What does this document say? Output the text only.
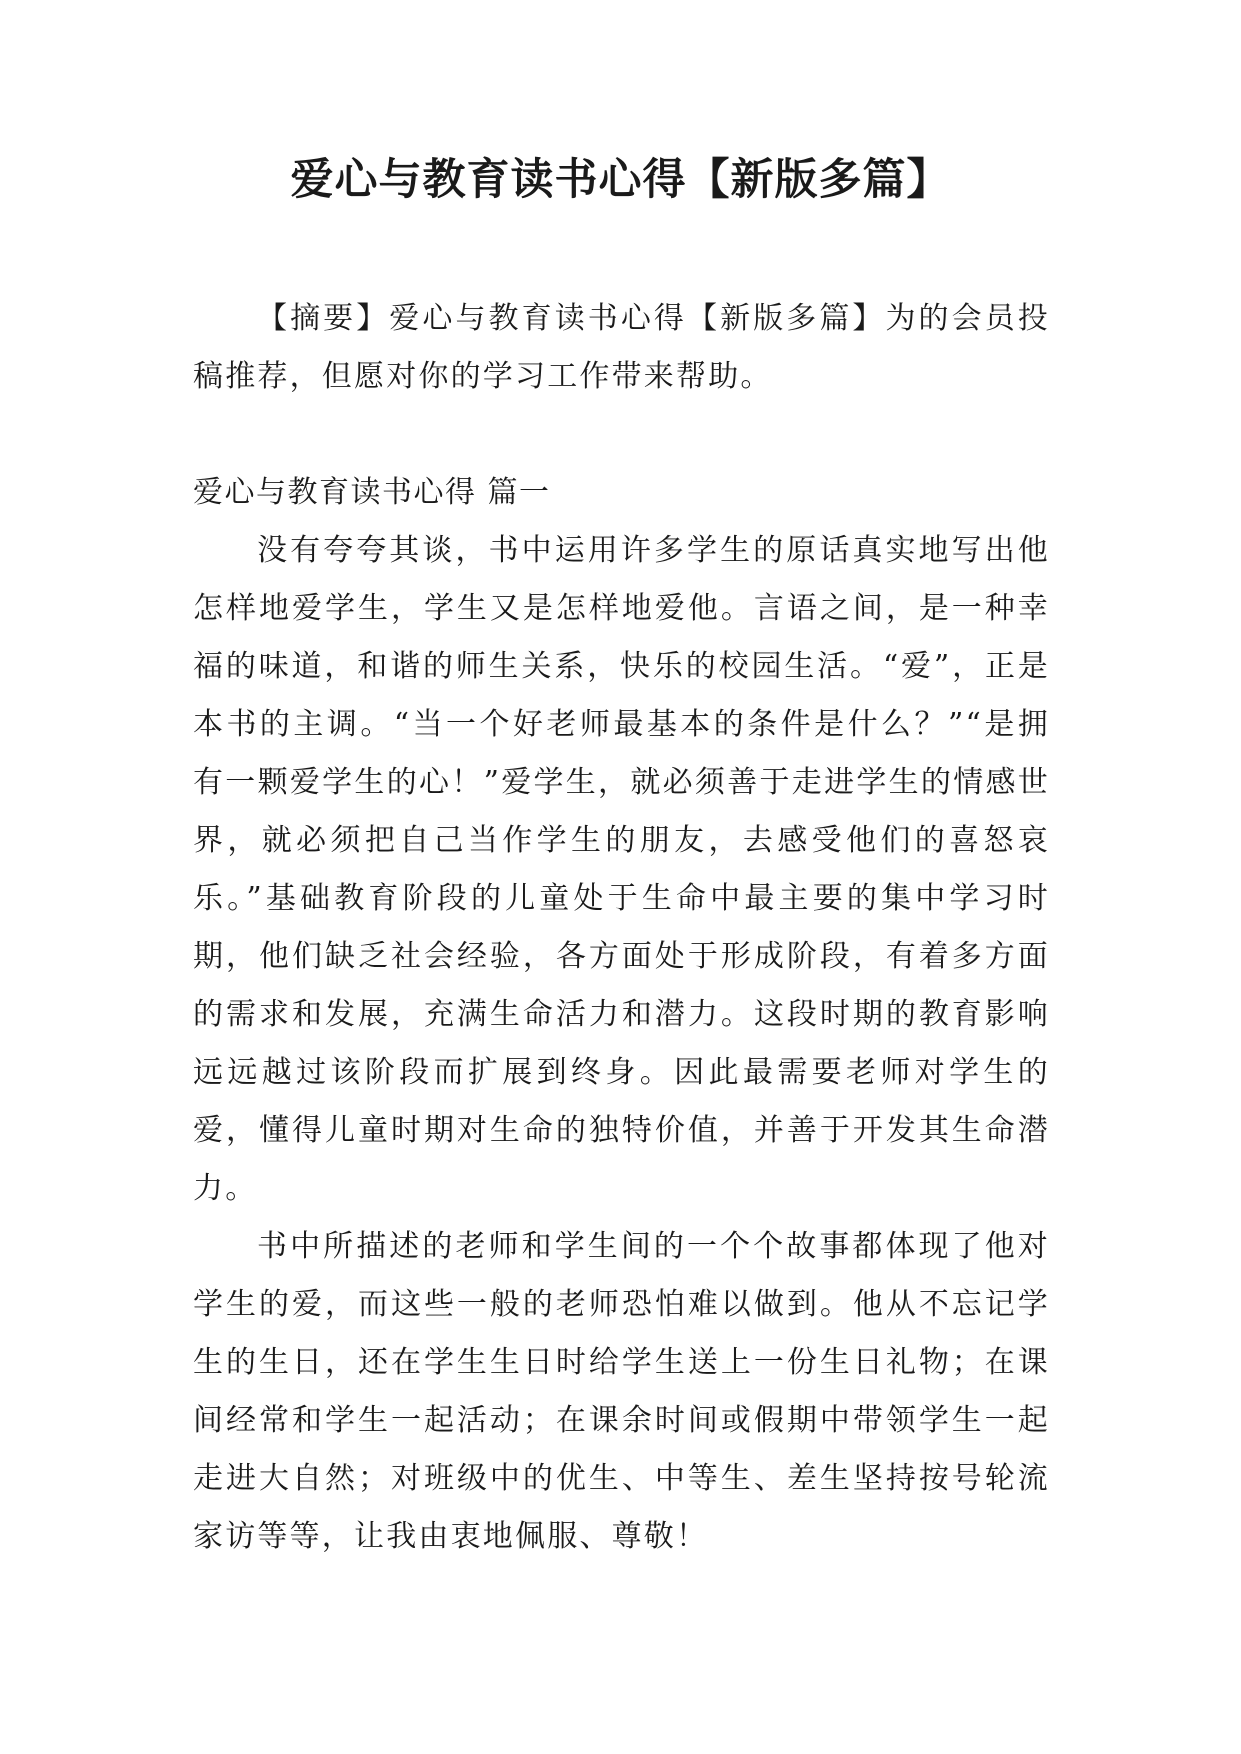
爱心与教育读书心得【新版多篇】

【摘要】爱心与教育读书心得【新版多篇】为的会员投稿推荐，但愿对你的学习工作带来帮助。

爱心与教育读书心得 篇一

没有夸夸其谈，书中运用许多学生的原话真实地写出他怎样地爱学生，学生又是怎样地爱他。言语之间，是一种幸福的味道，和谐的师生关系，快乐的校园生活。“爱”，正是本书的主调。“当一个好老师最基本的条件是什么？”“是拥有一颗爱学生的心！”爱学生，就必须善于走进学生的情感世界，就必须把自己当作学生的朋友，去感受他们的喜怒哀乐。”基础教育阶段的儿童处于生命中最主要的集中学习时期，他们缺乏社会经验，各方面处于形成阶段，有着多方面的需求和发展，充满生命活力和潜力。这段时期的教育影响远远越过该阶段而扩展到终身。因此最需要老师对学生的爱，懂得儿童时期对生命的独特价值，并善于开发其生命潜力。

书中所描述的老师和学生间的一个个故事都体现了他对学生的爱，而这些一般的老师恐怕难以做到。他从不忘记学生的生日，还在学生生日时给学生送上一份生日礼物；在课间经常和学生一起活动；在课余时间或假期中带领学生一起走进大自然；对班级中的优生、中等生、差生坚持按号轮流家访等等，让我由衷地佩服、尊敬！
